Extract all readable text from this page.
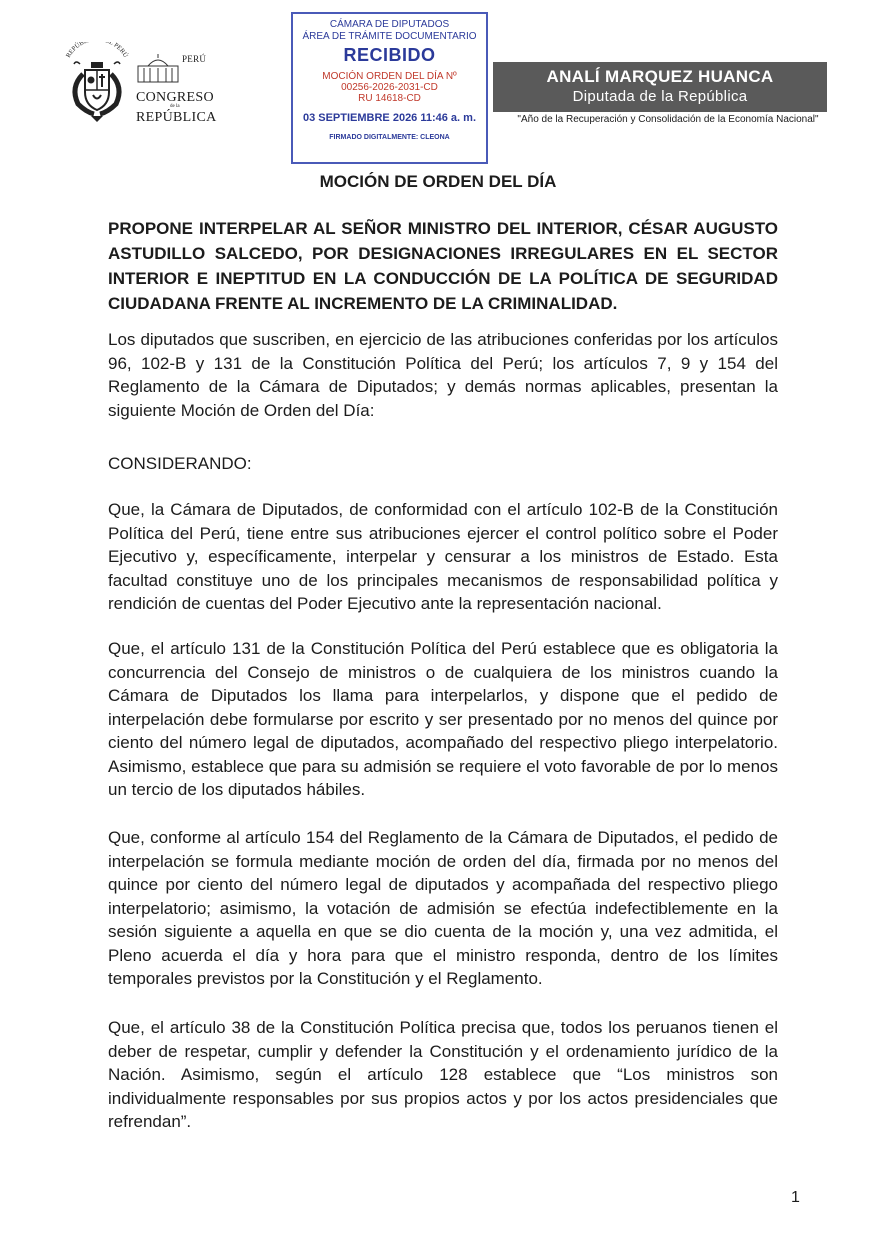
REPÚB L PERÚ	PERÚ
CONGRESO
de la
REPÚBLICA
CÁMARA DE DIPUTADOS
ÁREA DE TRÁMITE DOCUMENTARIO
RECIBIDO
MOCIÓN ORDEN DEL DÍA Nº
00256-2026-2031-CD
RU 14618-CD
03 SEPTIEMBRE 2026 11:46 a. m.
FIRMADO DIGITALMENTE: CLEONA
ANALÍ MARQUEZ HUANCA
Diputada de la República
"Año de la Recuperación y Consolidación de la Economía Nacional"
MOCIÓN DE ORDEN DEL DÍA
PROPONE INTERPELAR AL SEÑOR MINISTRO DEL INTERIOR, CÉSAR AUGUSTO ASTUDILLO SALCEDO, POR DESIGNACIONES IRREGULARES EN EL SECTOR INTERIOR E INEPTITUD EN LA CONDUCCIÓN DE LA POLÍTICA DE SEGURIDAD CIUDADANA FRENTE AL INCREMENTO DE LA CRIMINALIDAD.
Los diputados que suscriben, en ejercicio de las atribuciones conferidas por los artículos 96, 102-B y 131 de la Constitución Política del Perú; los artículos 7, 9 y 154 del Reglamento de la Cámara de Diputados; y demás normas aplicables, presentan la siguiente Moción de Orden del Día:
CONSIDERANDO:
Que, la Cámara de Diputados, de conformidad con el artículo 102-B de la Constitución Política del Perú, tiene entre sus atribuciones ejercer el control político sobre el Poder Ejecutivo y, específicamente, interpelar y censurar a los ministros de Estado. Esta facultad constituye uno de los principales mecanismos de responsabilidad política y rendición de cuentas del Poder Ejecutivo ante la representación nacional.
Que, el artículo 131 de la Constitución Política del Perú establece que es obligatoria la concurrencia del Consejo de ministros o de cualquiera de los ministros cuando la Cámara de Diputados los llama para interpelarlos, y dispone que el pedido de interpelación debe formularse por escrito y ser presentado por no menos del quince por ciento del número legal de diputados, acompañado del respectivo pliego interpelatorio. Asimismo, establece que para su admisión se requiere el voto favorable de por lo menos un tercio de los diputados hábiles.
Que, conforme al artículo 154 del Reglamento de la Cámara de Diputados, el pedido de interpelación se formula mediante moción de orden del día, firmada por no menos del quince por ciento del número legal de diputados y acompañada del respectivo pliego interpelatorio; asimismo, la votación de admisión se efectúa indefectiblemente en la sesión siguiente a aquella en que se dio cuenta de la moción y, una vez admitida, el Pleno acuerda el día y hora para que el ministro responda, dentro de los límites temporales previstos por la Constitución y el Reglamento.
Que, el artículo 38 de la Constitución Política precisa que, todos los peruanos tienen el deber de respetar, cumplir y defender la Constitución y el ordenamiento jurídico de la Nación. Asimismo, según el artículo 128 establece que “Los ministros son individualmente responsables por sus propios actos y por los actos presidenciales que refrendan”.
1
